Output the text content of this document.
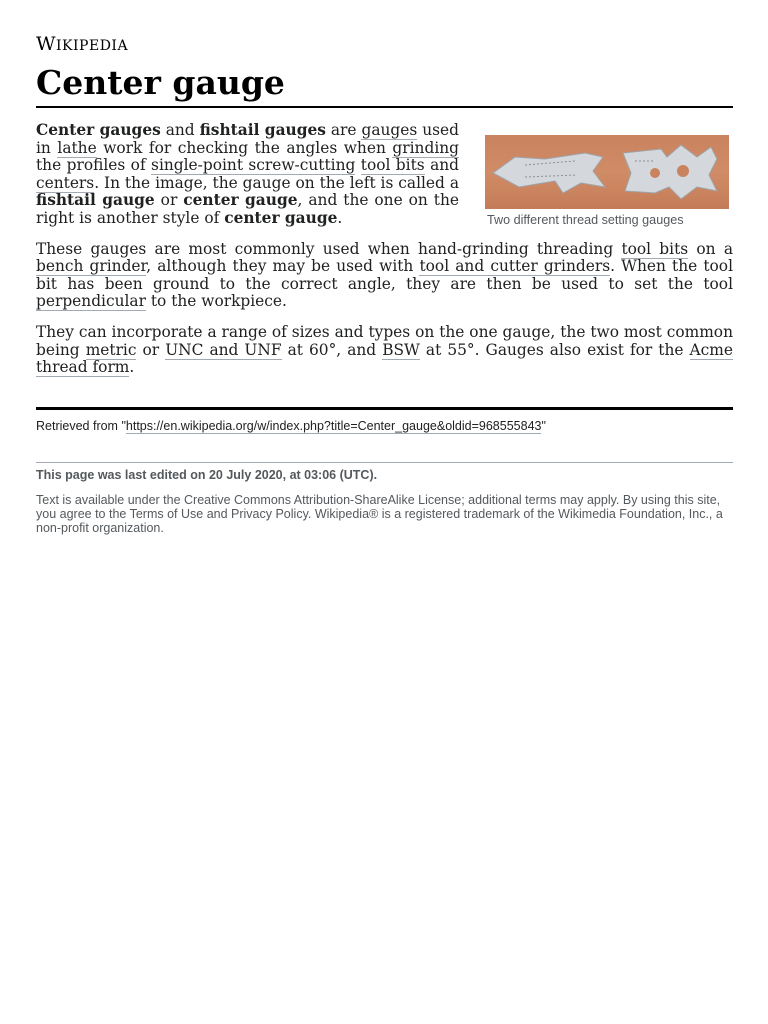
WIKIPEDIA
Center gauge
Two different thread setting gauges

Center gauges and fishtail gauges are gauges used in lathe work for checking the angles when grinding the profiles of single-point screw-cutting tool bits and centers. In the image, the gauge on the left is called a fishtail gauge or center gauge, and the one on the right is another style of center gauge.

These gauges are most commonly used when hand-grinding threading tool bits on a bench grinder, although they may be used with tool and cutter grinders. When the tool bit has been ground to the correct angle, they are then be used to set the tool perpendicular to the workpiece.

They can incorporate a range of sizes and types on the one gauge, the two most common being metric or UNC and UNF at 60°, and BSW at 55°. Gauges also exist for the Acme thread form.

Retrieved from "https://en.wikipedia.org/w/index.php?title=Center_gauge&oldid=968555843"
This page was last edited on 20 July 2020, at 03:06 (UTC).
Text is available under the Creative Commons Attribution-ShareAlike License; additional terms may apply. By using this site, you agree to the Terms of Use and Privacy Policy. Wikipedia® is a registered trademark of the Wikimedia Foundation, Inc., a non-profit organization.
